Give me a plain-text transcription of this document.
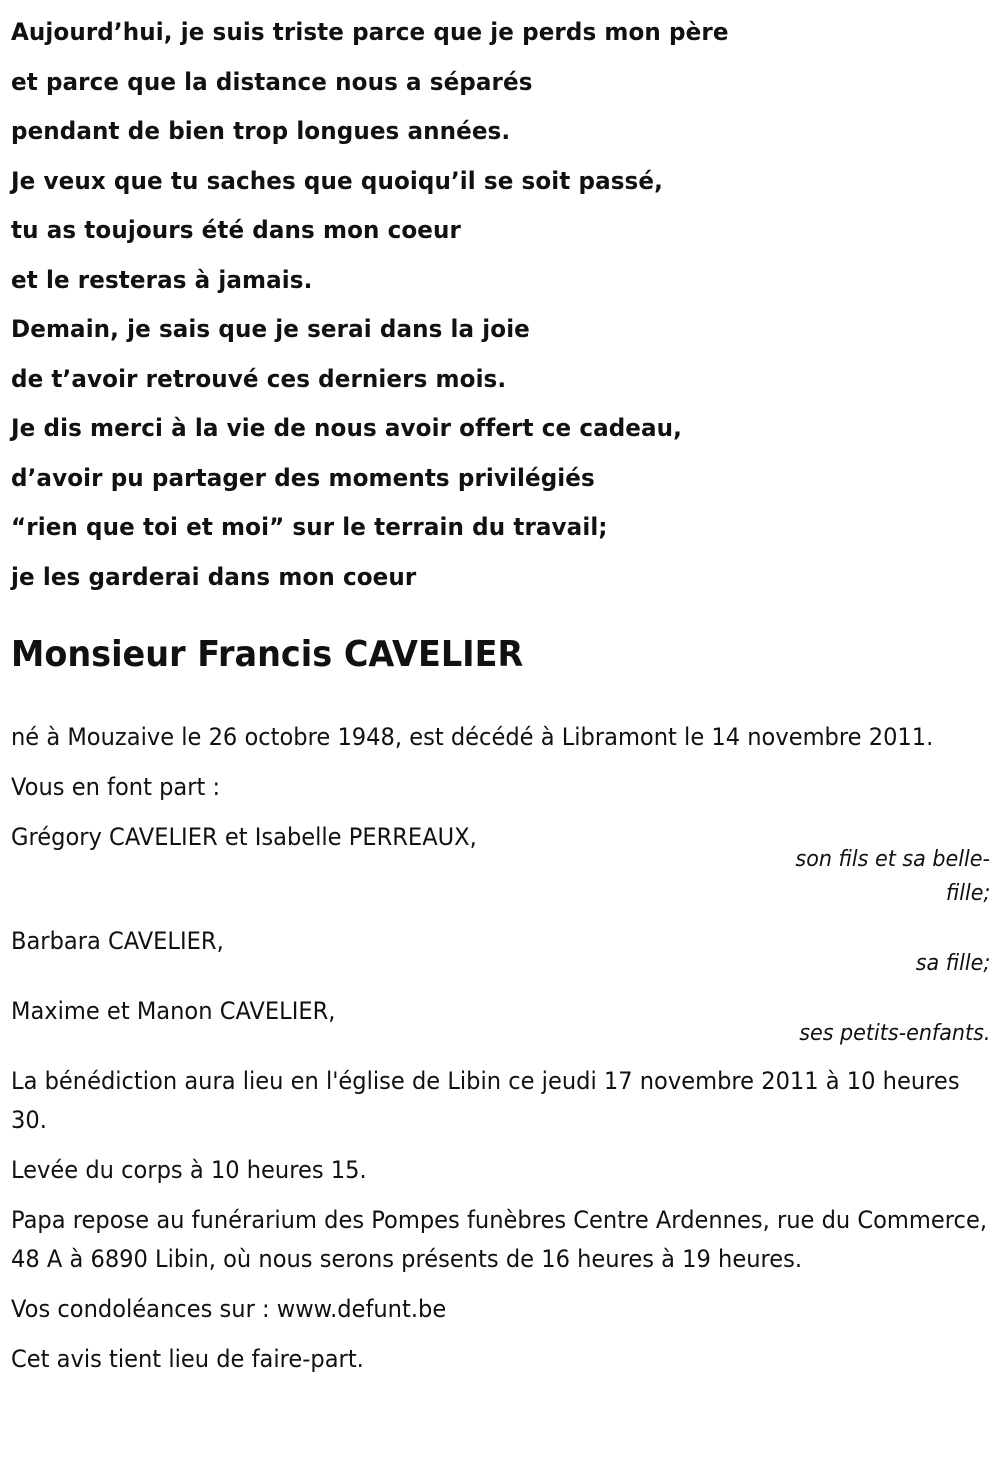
Aujourd’hui, je suis triste parce que je perds mon père
et parce que la distance nous a séparés
pendant de bien trop longues années.
Je veux que tu saches que quoiqu’il se soit passé,
tu as toujours été dans mon coeur
et le resteras à jamais.
Demain, je sais que je serai dans la joie
de t’avoir retrouvé ces derniers mois.
Je dis merci à la vie de nous avoir offert ce cadeau,
d’avoir pu partager des moments privilégiés
“rien que toi et moi” sur le terrain du travail;
je les garderai dans mon coeur
Monsieur Francis CAVELIER

né à Mouzaive le 26 octobre 1948, est décédé à Libramont le 14 novembre 2011.

Vous en font part :

Grégory CAVELIER et Isabelle PERREAUX,
son fils et sa belle-
fille;
Barbara CAVELIER,
sa fille;
Maxime et Manon CAVELIER,
ses petits-enfants.

La bénédiction aura lieu en l'église de Libin ce jeudi 17 novembre 2011 à 10 heures 30.

Levée du corps à 10 heures 15.

Papa repose au funérarium des Pompes funèbres Centre Ardennes, rue du Commerce, 48 A à 6890 Libin, où nous serons présents de 16 heures à 19 heures.

Vos condoléances sur : www.defunt.be

Cet avis tient lieu de faire-part.
